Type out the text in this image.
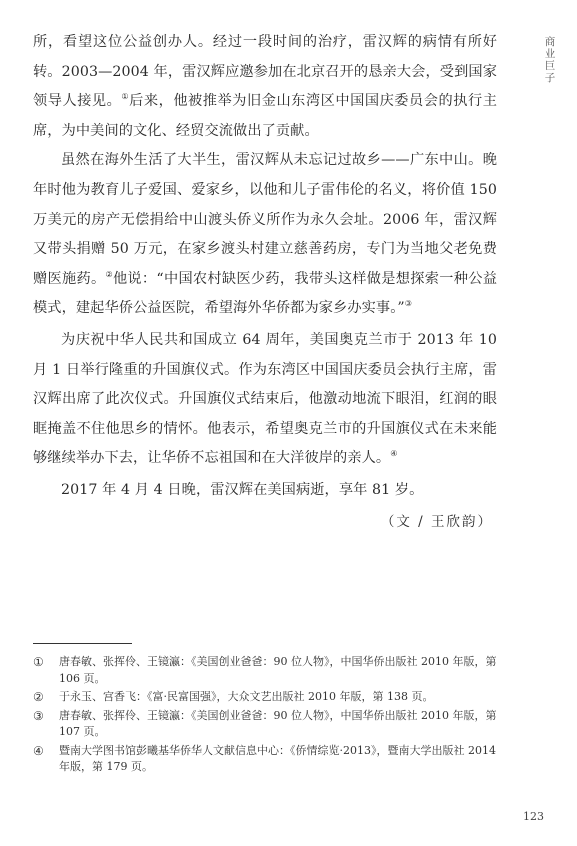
商业巨子

所，看望这位公益创办人。经过一段时间的治疗，雷汉辉的病情有所好转。2003—2004 年，雷汉辉应邀参加在北京召开的恳亲大会，受到国家领导人接见。①后来，他被推举为旧金山东湾区中国国庆委员会的执行主席，为中美间的文化、经贸交流做出了贡献。

虽然在海外生活了大半生，雷汉辉从未忘记过故乡——广东中山。晚年时他为教育儿子爱国、爱家乡，以他和儿子雷伟伦的名义，将价值 150 万美元的房产无偿捐给中山渡头侨义所作为永久会址。2006 年，雷汉辉又带头捐赠 50 万元，在家乡渡头村建立慈善药房，专门为当地父老免费赠医施药。②他说：“中国农村缺医少药，我带头这样做是想探索一种公益模式，建起华侨公益医院，希望海外华侨都为家乡办实事。”③

为庆祝中华人民共和国成立 64 周年，美国奥克兰市于 2013 年 10 月 1 日举行隆重的升国旗仪式。作为东湾区中国国庆委员会执行主席，雷汉辉出席了此次仪式。升国旗仪式结束后，他激动地流下眼泪，红润的眼眶掩盖不住他思乡的情怀。他表示，希望奥克兰市的升国旗仪式在未来能够继续举办下去，让华侨不忘祖国和在大洋彼岸的亲人。④

2017 年 4 月 4 日晚，雷汉辉在美国病逝，享年 81 岁。

（文 / 王欣韵）

①	唐春敏、张挥伶、王镜瀛：《美国创业爸爸：90 位人物》，中国华侨出版社 2010 年版，第 106 页。
②	于永玉、宫香飞：《富·民富国强》，大众文艺出版社 2010 年版，第 138 页。
③	唐春敏、张挥伶、王镜瀛：《美国创业爸爸：90 位人物》，中国华侨出版社 2010 年版，第 107 页。
④	暨南大学图书馆彭曦基华侨华人文献信息中心：《侨情综览·2013》，暨南大学出版社 2014 年版，第 179 页。
123
